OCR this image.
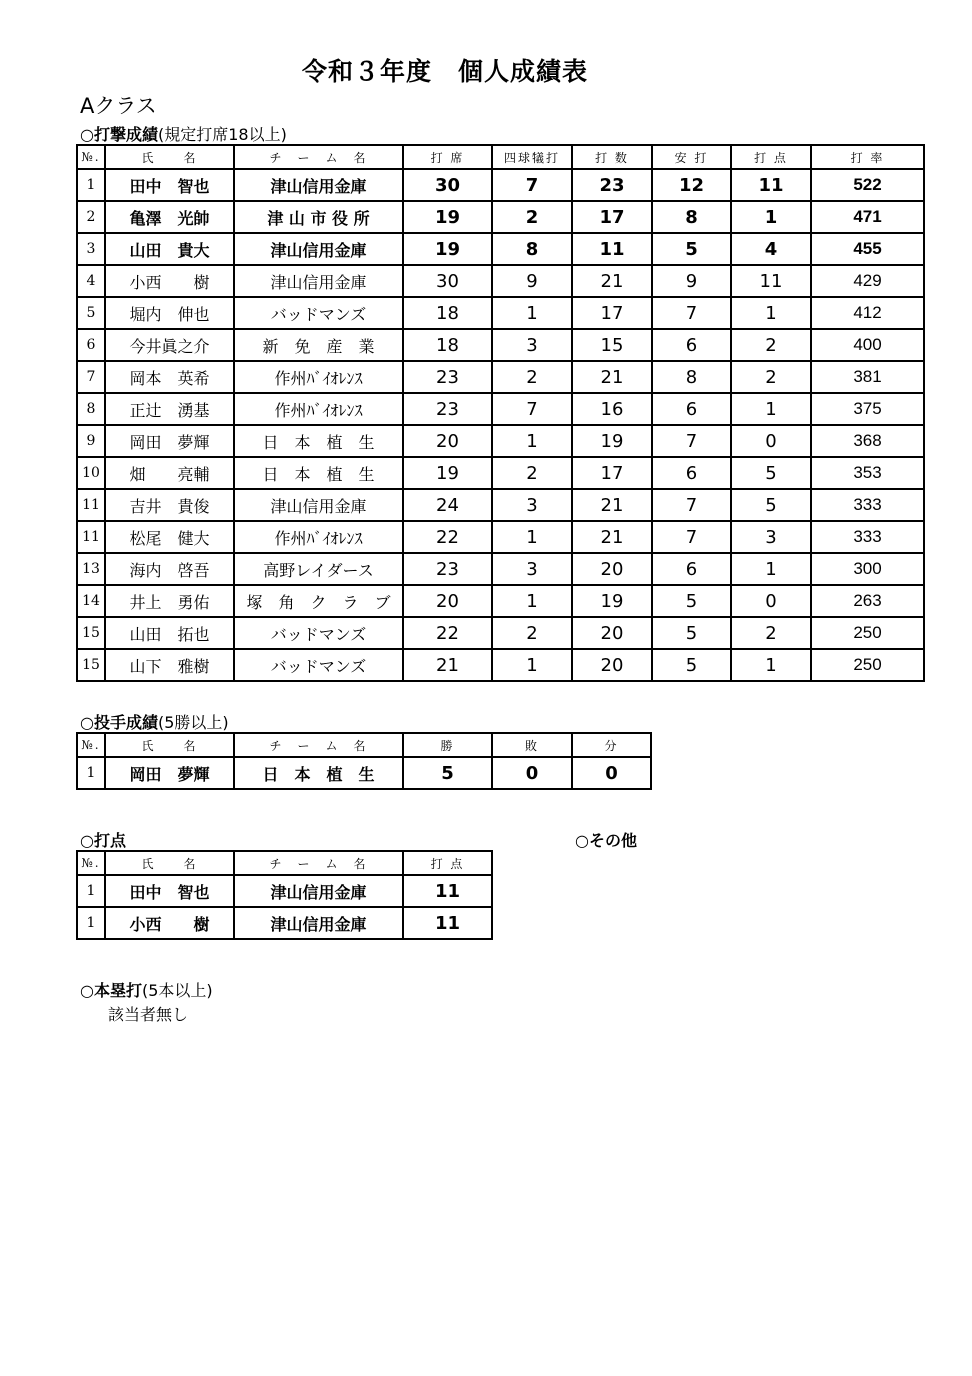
令和３年度　個人成績表
Aクラス
○打撃成績(規定打席18以上)
№.	氏　　名	チ　ー　ム　名	打 席	四球犠打	打 数	安 打	打 点	打 率
1	田中　智也	津山信用金庫	30	7	23	12	11	522
2	亀澤　光帥	津 山 市 役 所	19	2	17	8	1	471
3	山田　貴大	津山信用金庫	19	8	11	5	4	455
4	小西　　樹	津山信用金庫	30	9	21	9	11	429
5	堀内　伸也	バッドマンズ	18	1	17	7	1	412
6	今井眞之介	新　免　産　業	18	3	15	6	2	400
7	岡本　英希	作州ﾊﾞｲｵﾚﾝｽ	23	2	21	8	2	381
8	正辻　湧基	作州ﾊﾞｲｵﾚﾝｽ	23	7	16	6	1	375
9	岡田　夢輝	日　本　植　生	20	1	19	7	0	368
10	畑　　亮輔	日　本　植　生	19	2	17	6	5	353
11	吉井　貴俊	津山信用金庫	24	3	21	7	5	333
11	松尾　健大	作州ﾊﾞｲｵﾚﾝｽ	22	1	21	7	3	333
13	海内　啓吾	高野レイダース	23	3	20	6	1	300
14	井上　勇佑	塚　角　ク　ラ　ブ	20	1	19	5	0	263
15	山田　拓也	バッドマンズ	22	2	20	5	2	250
15	山下　雅樹	バッドマンズ	21	1	20	5	1	250
○投手成績(5勝以上)
№.	氏　　名	チ　ー　ム　名	勝	敗	分
1	岡田　夢輝	日　本　植　生	5	0	0
○打点	○その他
№.	氏　　名	チ　ー　ム　名	打 点
1	田中　智也	津山信用金庫	11
1	小西　　樹	津山信用金庫	11
○本塁打(5本以上)
該当者無し
